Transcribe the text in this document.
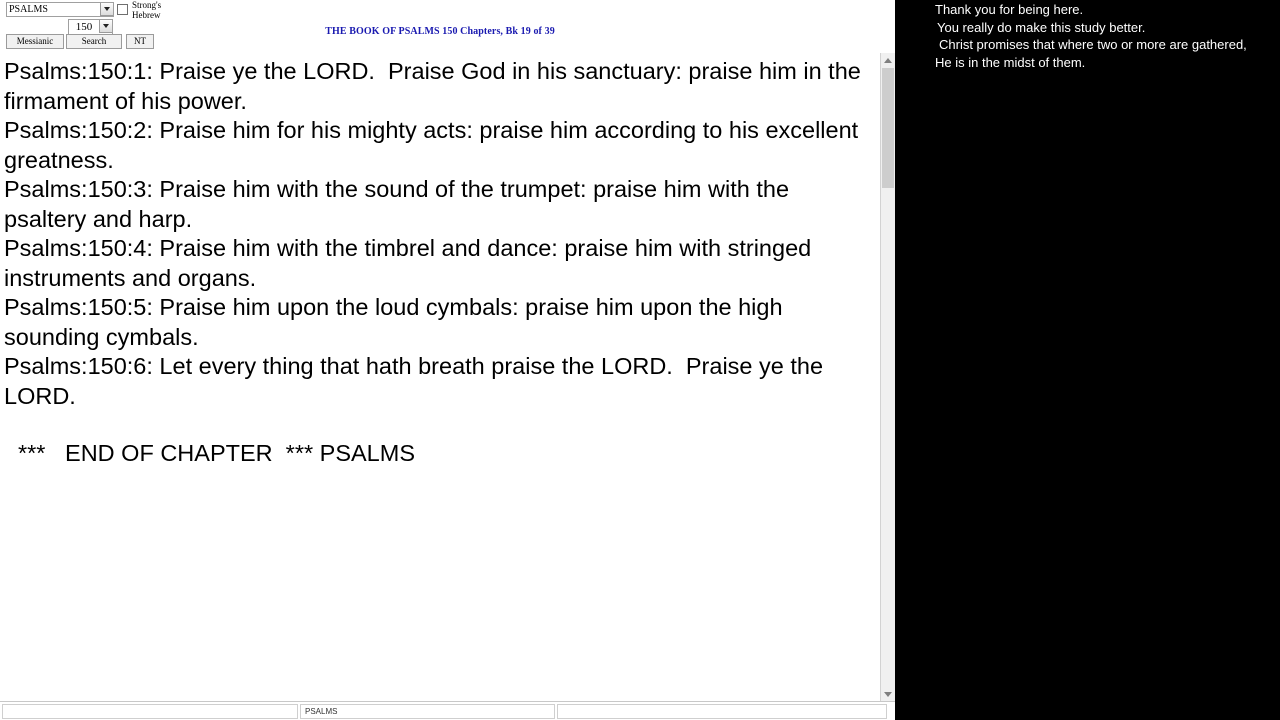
PSALMS
150
Strong's Hebrew
Messianic	Search	NT
THE BOOK OF PSALMS 150 Chapters, Bk 19 of 39

Psalms:150:1: Praise ye the LORD.  Praise God in his sanctuary: praise him in the firmament of his power.

Psalms:150:2: Praise him for his mighty acts: praise him according to his excellent greatness.

Psalms:150:3: Praise him with the sound of the trumpet: praise him with the psaltery and harp.

Psalms:150:4: Praise him with the timbrel and dance: praise him with stringed instruments and organs.

Psalms:150:5: Praise him upon the loud cymbals: praise him upon the high sounding cymbals.

Psalms:150:6: Let every thing that hath breath praise the LORD.  Praise ye the LORD.

***   END OF CHAPTER  *** PSALMS

PSALMS

Thank you for being here.

You really do make this study better.

Christ promises that where two or more are gathered,

He is in the midst of them.
